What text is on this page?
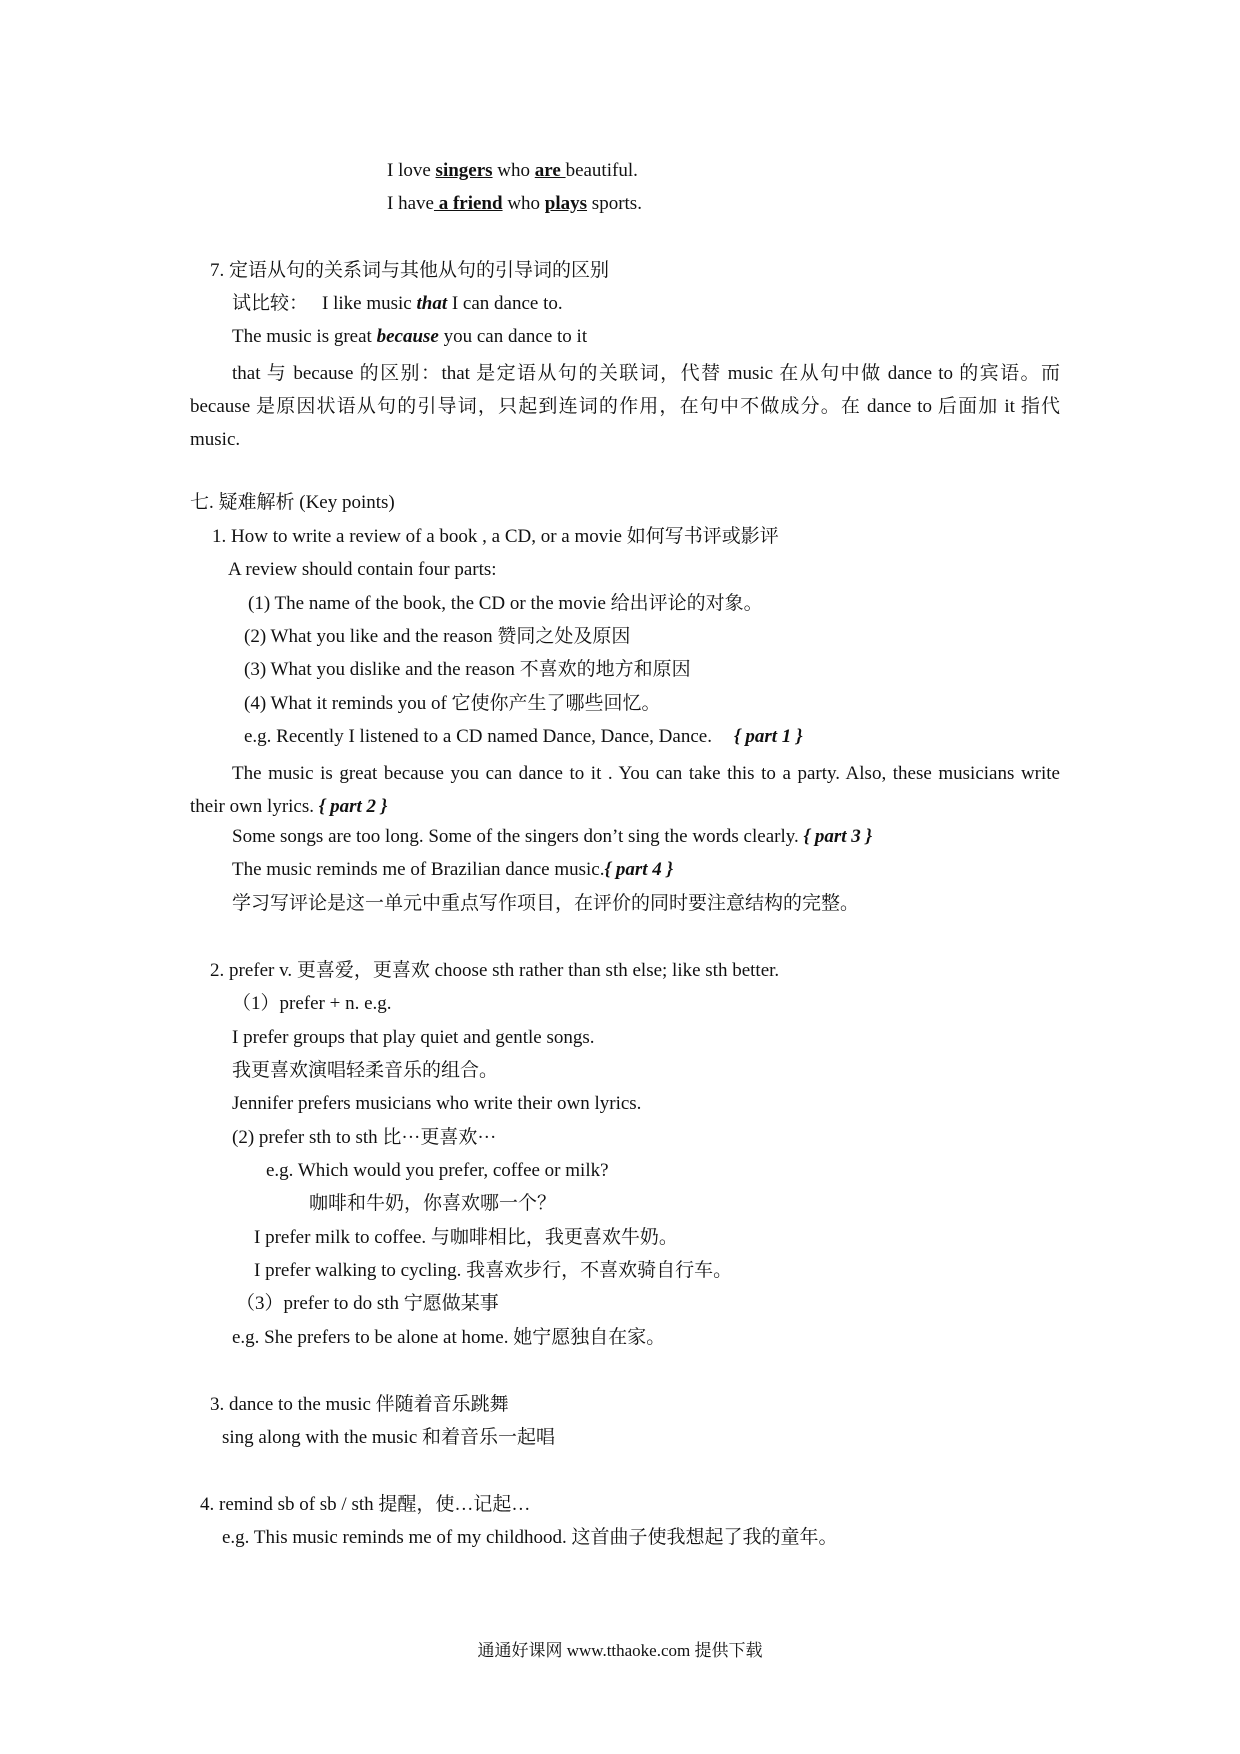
I love singers who are beautiful.
I have a friend who plays sports.
7. 定语从句的关系词与其他从句的引导词的区别
试比较： I like music that I can dance to.
The music is great because you can dance to it
that 与 because 的区别：that 是定语从句的关联词，代替 music 在从句中做 dance to 的宾语。而 because 是原因状语从句的引导词，只起到连词的作用，在句中不做成分。在 dance to 后面加 it 指代 music.
七. 疑难解析 (Key points)
1. How to write a review of a book , a CD, or a movie 如何写书评或影评
A review should contain four parts:
(1) The name of the book, the CD or the movie 给出评论的对象。
(2) What you like and the reason 赞同之处及原因
(3) What you dislike and the reason 不喜欢的地方和原因
(4) What it reminds you of 它使你产生了哪些回忆。
e.g. Recently I listened to a CD named Dance, Dance, Dance. { part 1 }
The music is great because you can dance to it . You can take this to a party. Also, these musicians write their own lyrics. { part 2 }
Some songs are too long. Some of the singers don’t sing the words clearly. { part 3 }
The music reminds me of Brazilian dance music.{ part 4 }
学习写评论是这一单元中重点写作项目，在评价的同时要注意结构的完整。
2. prefer v. 更喜爱，更喜欢 choose sth rather than sth else; like sth better.
（1）prefer + n. e.g.
I prefer groups that play quiet and gentle songs.
我更喜欢演唱轻柔音乐的组合。
Jennifer prefers musicians who write their own lyrics.
(2) prefer sth to sth 比···更喜欢···
e.g. Which would you prefer, coffee or milk?
咖啡和牛奶，你喜欢哪一个？
I prefer milk to coffee. 与咖啡相比，我更喜欢牛奶。
I prefer walking to cycling. 我喜欢步行，不喜欢骑自行车。
（3）prefer to do sth 宁愿做某事
e.g. She prefers to be alone at home. 她宁愿独自在家。
3. dance to the music 伴随着音乐跳舞
sing along with the music 和着音乐一起唱
4. remind sb of sb / sth 提醒，使…记起…
e.g. This music reminds me of my childhood. 这首曲子使我想起了我的童年。
通通好课网 www.tthaoke.com 提供下载
